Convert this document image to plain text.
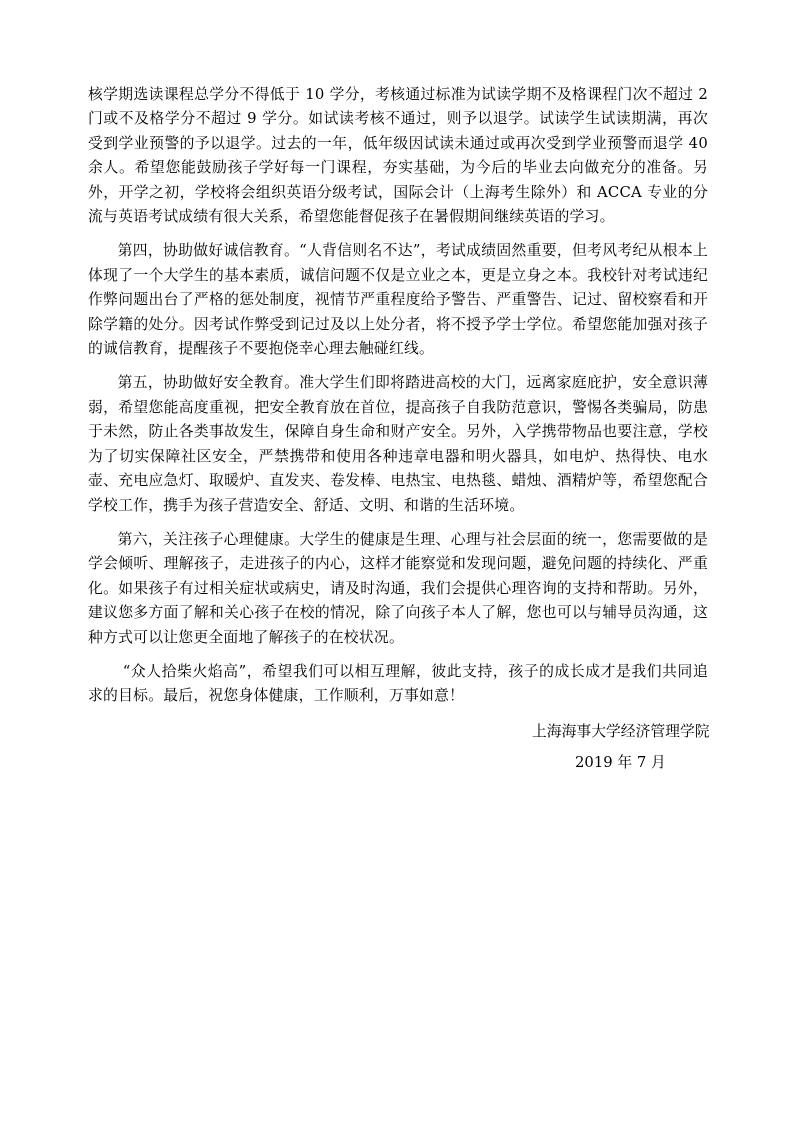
核学期选读课程总学分不得低于 10 学分，考核通过标准为试读学期不及格课程门次不超过 2 门或不及格学分不超过 9 学分。如试读考核不通过，则予以退学。试读学生试读期满，再次受到学业预警的予以退学。过去的一年，低年级因试读未通过或再次受到学业预警而退学 40 余人。希望您能鼓励孩子学好每一门课程，夯实基础，为今后的毕业去向做充分的准备。另外，开学之初，学校将会组织英语分级考试，国际会计（上海考生除外）和 ACCA 专业的分流与英语考试成绩有很大关系，希望您能督促孩子在暑假期间继续英语的学习。

第四，协助做好诚信教育。“人背信则名不达”，考试成绩固然重要，但考风考纪从根本上体现了一个大学生的基本素质，诚信问题不仅是立业之本，更是立身之本。我校针对考试违纪作弊问题出台了严格的惩处制度，视情节严重程度给予警告、严重警告、记过、留校察看和开除学籍的处分。因考试作弊受到记过及以上处分者，将不授予学士学位。希望您能加强对孩子的诚信教育，提醒孩子不要抱侥幸心理去触碰红线。

第五，协助做好安全教育。准大学生们即将踏进高校的大门，远离家庭庇护，安全意识薄弱，希望您能高度重视，把安全教育放在首位，提高孩子自我防范意识，警惕各类骗局，防患于未然，防止各类事故发生，保障自身生命和财产安全。另外，入学携带物品也要注意，学校为了切实保障社区安全，严禁携带和使用各种违章电器和明火器具，如电炉、热得快、电水壶、充电应急灯、取暖炉、直发夹、卷发棒、电热宝、电热毯、蜡烛、酒精炉等，希望您配合学校工作，携手为孩子营造安全、舒适、文明、和谐的生活环境。

第六，关注孩子心理健康。大学生的健康是生理、心理与社会层面的统一，您需要做的是学会倾听、理解孩子，走进孩子的内心，这样才能察觉和发现问题，避免问题的持续化、严重化。如果孩子有过相关症状或病史，请及时沟通，我们会提供心理咨询的支持和帮助。另外，建议您多方面了解和关心孩子在校的情况，除了向孩子本人了解，您也可以与辅导员沟通，这种方式可以让您更全面地了解孩子的在校状况。

“众人拾柴火焰高”，希望我们可以相互理解，彼此支持，孩子的成长成才是我们共同追求的目标。最后，祝您身体健康，工作顺利，万事如意！

上海海事大学经济管理学院
2019 年 7 月
